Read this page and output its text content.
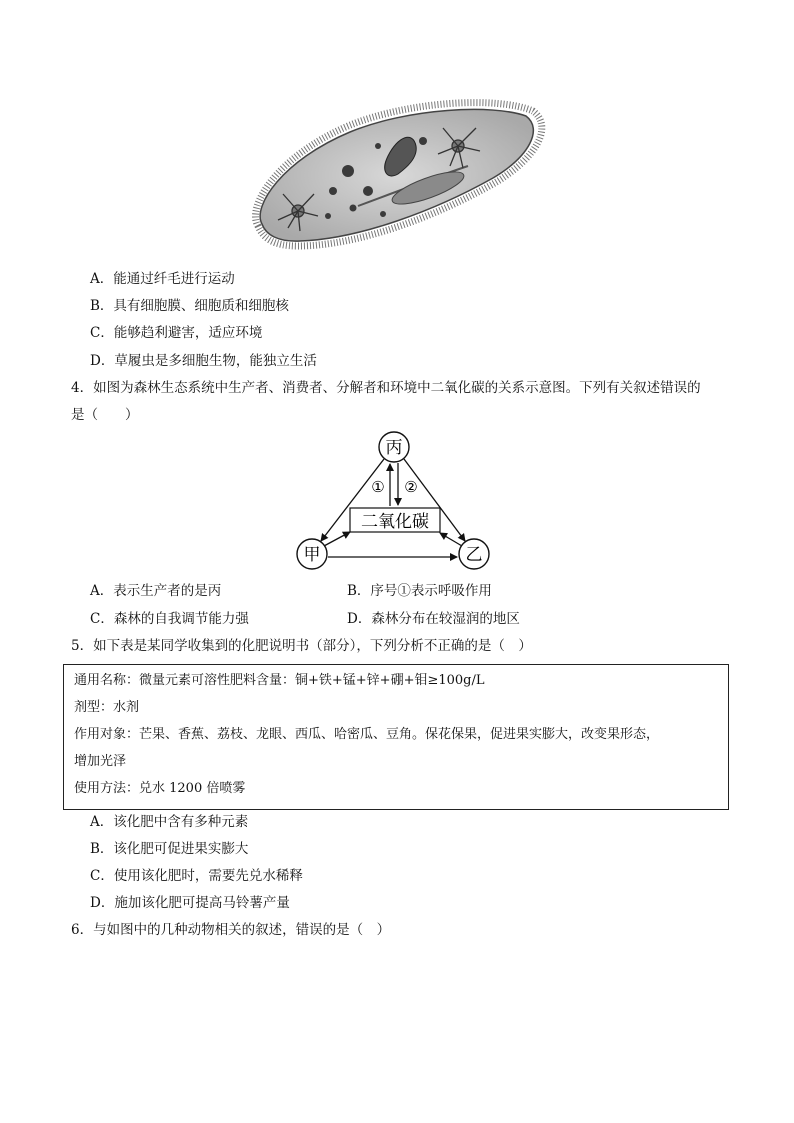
A．能通过纤毛进行运动
B．具有细胞膜、细胞质和细胞核
C．能够趋利避害，适应环境
D．草履虫是多细胞生物，能独立生活
4．如图为森林生态系统中生产者、消费者、分解者和环境中二氧化碳的关系示意图。下列有关叙述错误的
是（　　）
丙
甲	乙
二氧化碳
① ②
A．表示生产者的是丙	B．序号①表示呼吸作用
C．森林的自我调节能力强	D．森林分布在较湿润的地区
5．如下表是某同学收集到的化肥说明书（部分），下列分析不正确的是（　）
通用名称：微量元素可溶性肥料含量：铜+铁+锰+锌+硼+钼≥100g/L
剂型：水剂
作用对象：芒果、香蕉、荔枝、龙眼、西瓜、哈密瓜、豆角。保花保果，促进果实膨大，改变果形态，
增加光泽
使用方法：兑水 1200 倍喷雾
A．该化肥中含有多种元素
B．该化肥可促进果实膨大
C．使用该化肥时，需要先兑水稀释
D．施加该化肥可提高马铃薯产量
6．与如图中的几种动物相关的叙述，错误的是（　）
